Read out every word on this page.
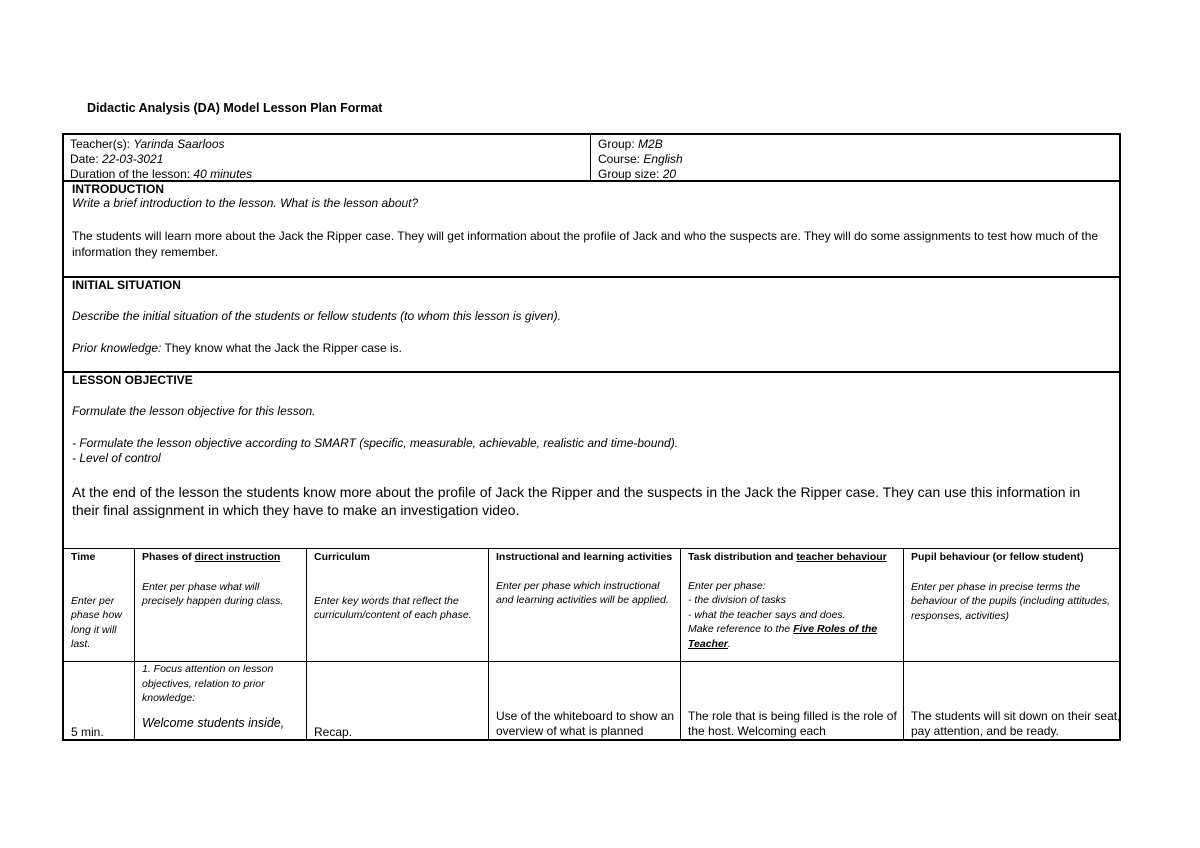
Didactic Analysis (DA) Model Lesson Plan Format
Teacher(s): Yarinda Saarloos
Date: 22-03-3021
Duration of the lesson: 40 minutes
Group: M2B
Course: English
Group size: 20
INTRODUCTION
Write a brief introduction to the lesson. What is the lesson about?
The students will learn more about the Jack the Ripper case. They will get information about the profile of Jack and who the suspects are. They will do some assignments to test how much of the information they remember.
INITIAL SITUATION
Describe the initial situation of the students or fellow students (to whom this lesson is given).
Prior knowledge: They know what the Jack the Ripper case is.
LESSON OBJECTIVE
Formulate the lesson objective for this lesson.
- Formulate the lesson objective according to SMART (specific, measurable, achievable, realistic and time-bound).
- Level of control
At the end of the lesson the students know more about the profile of Jack the Ripper and the suspects in the Jack the Ripper case. They can use this information in their final assignment in which they have to make an investigation video.
Time
Enter per phase how long it will last.
Phases of direct instruction
Enter per phase what will precisely happen during class.
Curriculum
Enter key words that reflect the curriculum/content of each phase.
Instructional and learning activities
Enter per phase which instructional and learning activities will be applied.
Task distribution and teacher behaviour
Enter per phase:
- the division of tasks
- what the teacher says and does.
Make reference to the Five Roles of the Teacher.
Pupil behaviour (or fellow student)
Enter per phase in precise terms the behaviour of the pupils (including attitudes, responses, activities)
5 min.
1. Focus attention on lesson objectives, relation to prior knowledge:
Welcome students inside,
Recap.
Use of the whiteboard to show an overview of what is planned
The role that is being filled is the role of the host. Welcoming each
The students will sit down on their seat, pay attention, and be ready.
